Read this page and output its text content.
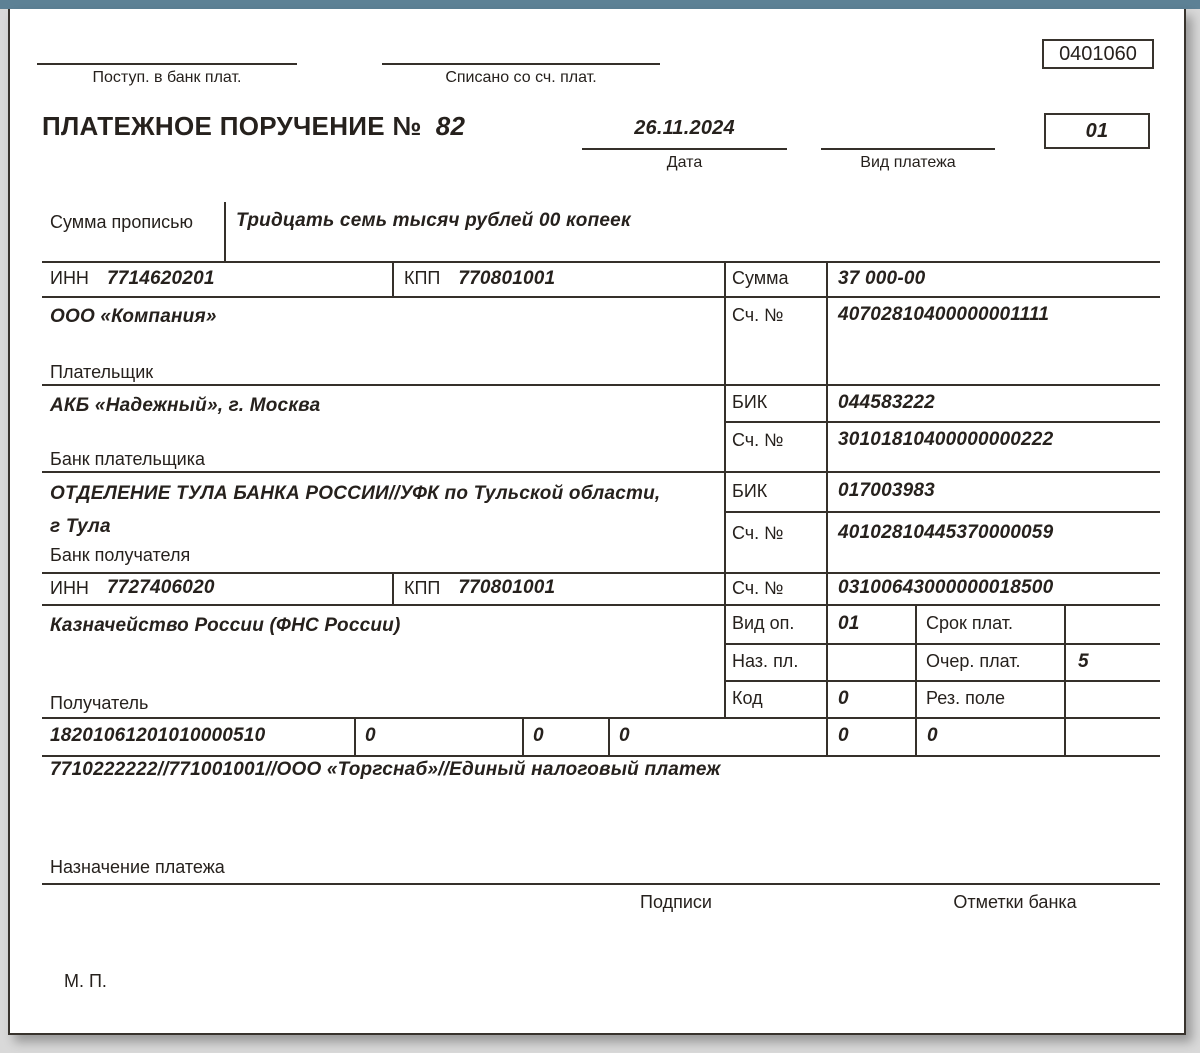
Поступ. в банк плат.	Списано со сч. плат.
0401060
ПЛАТЕЖНОЕ ПОРУЧЕНИЕ № 82	26.11.2024
Дата	Вид платежа
01
Сумма прописью Тридцать семь тысяч рублей 00 копеек
ИНН 7714620201	КПП 770801001	Сумма	37 000-00
ООО «Компания»	Сч. №	40702810400000001111
Плательщик
АКБ «Надежный», г. Москва	БИК	044583222
Сч. №	30101810400000000222
Банк плательщика
ОТДЕЛЕНИЕ ТУЛА БАНКА РОССИИ//УФК по Тульской области, г Тула
БИК	017003983
Сч. №	40102810445370000059
Банк получателя
ИНН 7727406020	КПП 770801001	Сч. №	03100643000000018500
Казначейство России (ФНС России)
Получатель
Вид оп. 01	Срок плат.
Наз. пл.	Очер. плат.	5
Код	0	Рез. поле
18201061201010000510	0	0	0	0	0
7710222222//771001001//ООО «Торгснаб»//Единый налоговый платеж
Назначение платежа
Подписи	Отметки банка
М. П.
